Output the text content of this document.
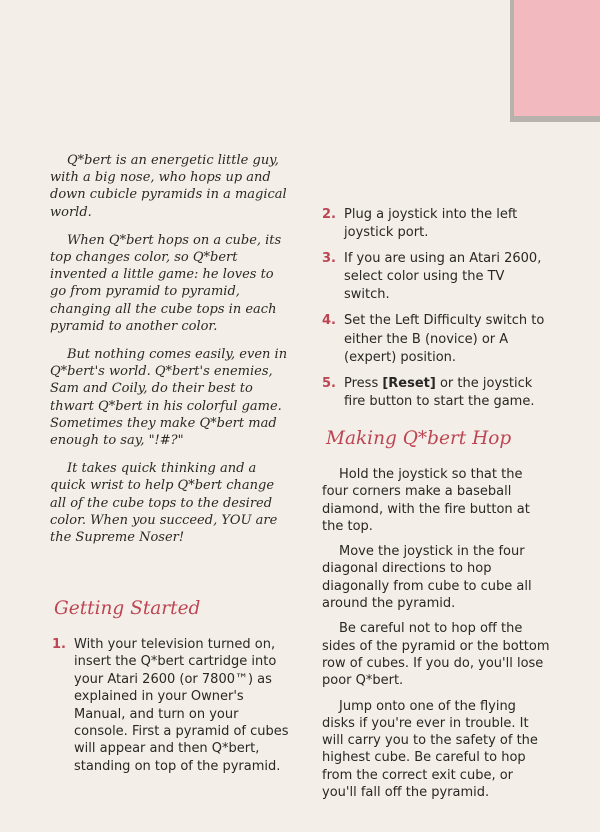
Q*bert is an energetic little guy, with a big nose, who hops up and down cubicle pyramids in a magical world.

When Q*bert hops on a cube, its top changes color, so Q*bert invented a little game: he loves to go from pyramid to pyramid, changing all the cube tops in each pyramid to another color.

But nothing comes easily, even in Q*bert's world. Q*bert's enemies, Sam and Coily, do their best to thwart Q*bert in his colorful game. Sometimes they make Q*bert mad enough to say, "!#?"

It takes quick thinking and a quick wrist to help Q*bert change all of the cube tops to the desired color. When you succeed, YOU are the Supreme Noser!

Getting Started
1. With your television turned on, insert the Q*bert cartridge into your Atari 2600 (or 7800™) as explained in your Owner's Manual, and turn on your console. First a pyramid of cubes will appear and then Q*bert, standing on top of the pyramid.
2. Plug a joystick into the left joystick port.
3. If you are using an Atari 2600, select color using the TV switch.
4. Set the Left Difficulty switch to either the B (novice) or A (expert) position.
5. Press [Reset] or the joystick fire button to start the game.
Making Q*bert Hop

Hold the joystick so that the four corners make a baseball diamond, with the fire button at the top.

Move the joystick in the four diagonal directions to hop diagonally from cube to cube all around the pyramid.

Be careful not to hop off the sides of the pyramid or the bottom row of cubes. If you do, you'll lose poor Q*bert.

Jump onto one of the flying disks if you're ever in trouble. It will carry you to the safety of the highest cube. Be careful to hop from the correct exit cube, or you'll fall off the pyramid.
